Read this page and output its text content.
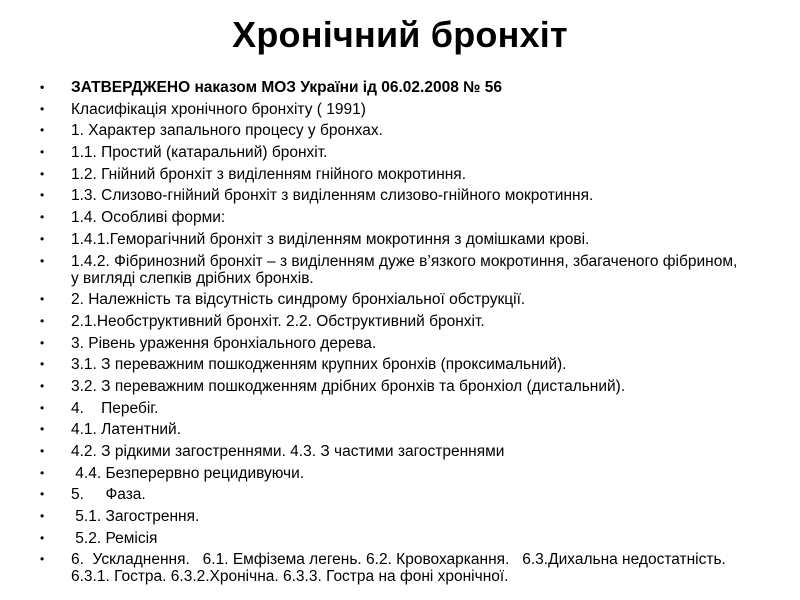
Хронічний бронхіт
• ЗАТВЕРДЖЕНО наказом МОЗ України ід 06.02.2008 № 56
• Класифікація хронічного бронхіту ( 1991)
• 1. Характер запального процесу у бронхах.
• 1.1. Простий (катаральний) бронхіт.
• 1.2. Гнійний бронхіт з виділенням гнійного мокротиння.
• 1.3. Слизово-гнійний бронхіт з виділенням слизово-гнійного мокротиння.
• 1.4. Особливі форми:
• 1.4.1.Геморагічний бронхіт з виділенням мокротиння з домішками крові.
• 1.4.2. Фібринозний бронхіт – з виділенням дуже в’язкого мокротиння, збагаченого фібрином, у вигляді слепків дрібних бронхів.
• 2. Належність та відсутність синдрому бронхіальної обструкції.
• 2.1.Необструктивний бронхіт. 2.2. Обструктивний бронхіт.
• 3. Рівень ураження бронхіального дерева.
• 3.1. З переважним пошкодженням крупних бронхів (проксимальний).
• 3.2. З переважним пошкодженням дрібних бронхів та бронхіол (дистальний).
• 4.    Перебіг.
• 4.1. Латентний.
• 4.2. З рідкими загостреннями. 4.3. З частими загостреннями
•  4.4. Безперервно рецидивуючи.
• 5.     Фаза.
•  5.1. Загострення.
•  5.2. Ремісія
• 6.  Ускладнення.   6.1. Емфізема легень. 6.2. Кровохаркання.   6.3.Дихальна недостатність. 6.3.1. Гостра. 6.3.2.Хронічна. 6.3.3. Гостра на фоні хронічної.
